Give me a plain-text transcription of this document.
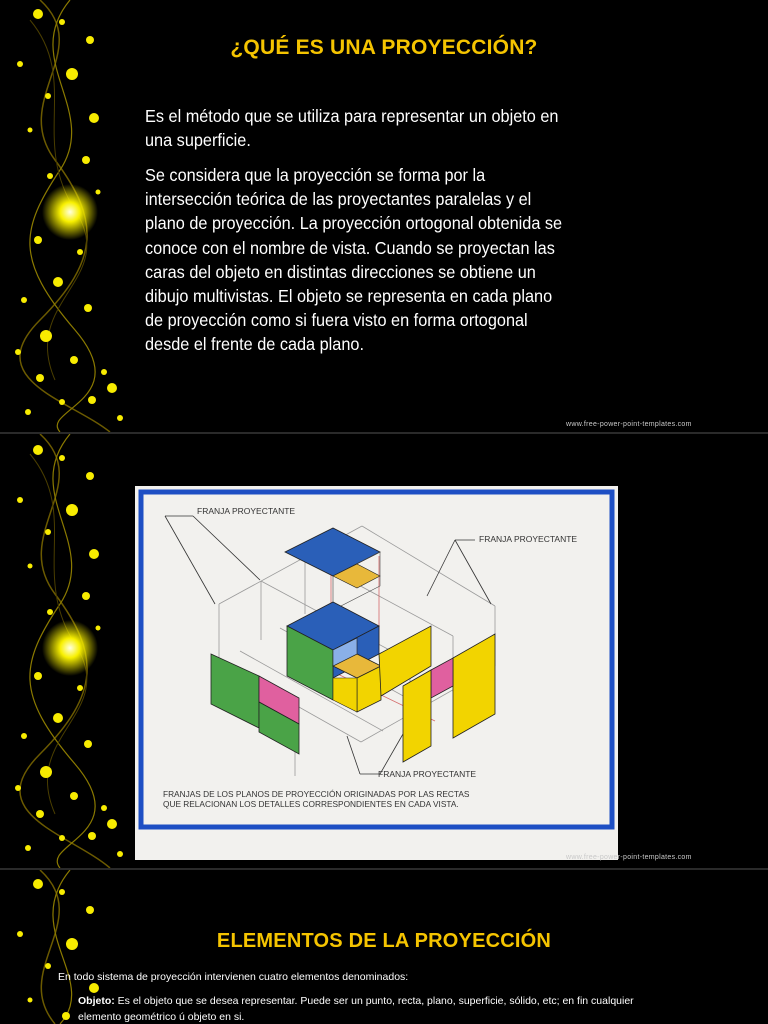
¿QUÉ ES UNA PROYECCIÓN?

Es el método que se utiliza para representar un objeto en
una superficie.

Se considera que la proyección se forma por la
intersección teórica de las proyectantes paralelas y el
plano de proyección. La proyección ortogonal obtenida se
conoce con el nombre de vista. Cuando se proyectan las
caras del objeto en distintas direcciones se obtiene un
dibujo multivistas. El objeto se representa en cada plano
de proyección como si fuera visto en forma ortogonal
desde el frente de cada plano.

www.free-power-point-templates.com
FRANJA PROYECTANTE
FRANJA PROYECTANTE
FRANJA PROYECTANTE
FRANJAS DE LOS PLANOS DE PROYECCIÓN ORIGINADAS POR LAS RECTAS
QUE RELACIONAN LOS DETALLES CORRESPONDIENTES EN CADA VISTA.
www.free-power-point-templates.com
ELEMENTOS DE LA PROYECCIÓN
En todo sistema de proyección intervienen cuatro elementos denominados:
Objeto: Es el objeto que se desea representar. Puede ser un punto, recta, plano, superficie, sólido, etc; en fin cualquier
elemento geométrico ú objeto en si.
